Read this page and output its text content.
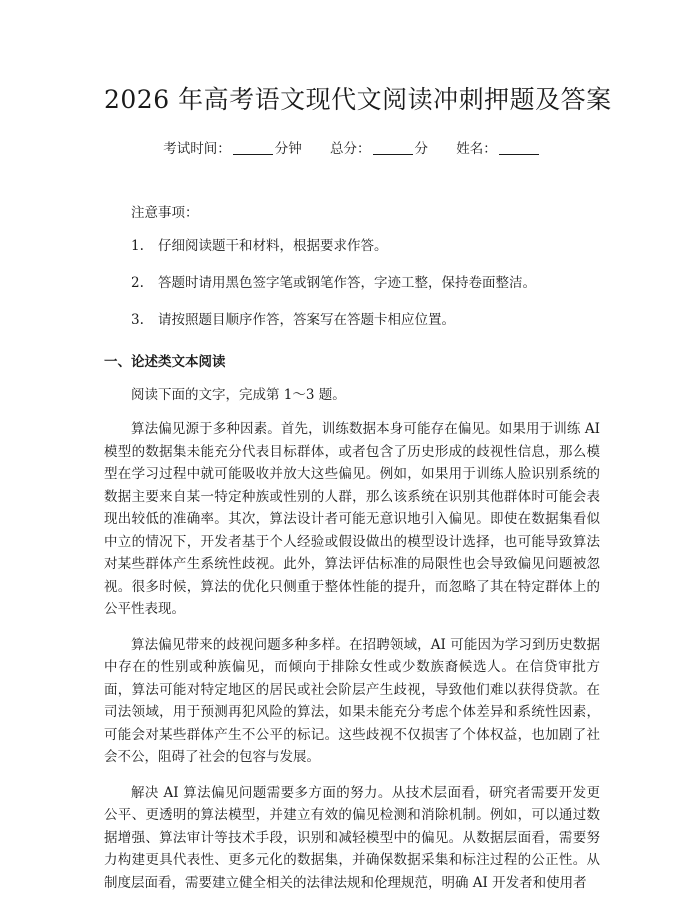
2026 年高考语文现代文阅读冲刺押题及答案
考试时间：	分钟 总分：	分 姓名：

注意事项：

1. 仔细阅读题干和材料，根据要求作答。
2. 答题时请用黑色签字笔或钢笔作答，字迹工整，保持卷面整洁。
3. 请按照题目顺序作答，答案写在答题卡相应位置。
一、论述类文本阅读

阅读下面的文字，完成第 1～3 题。

算法偏见源于多种因素。首先，训练数据本身可能存在偏见。如果用于训练 AI 模型的数据集未能充分代表目标群体，或者包含了历史形成的歧视性信息，那么模型在学习过程中就可能吸收并放大这些偏见。例如，如果用于训练人脸识别系统的数据主要来自某一特定种族或性别的人群，那么该系统在识别其他群体时可能会表现出较低的准确率。其次，算法设计者可能无意识地引入偏见。即使在数据集看似中立的情况下，开发者基于个人经验或假设做出的模型设计选择，也可能导致算法对某些群体产生系统性歧视。此外，算法评估标准的局限性也会导致偏见问题被忽视。很多时候，算法的优化只侧重于整体性能的提升，而忽略了其在特定群体上的公平性表现。

算法偏见带来的歧视问题多种多样。在招聘领域，AI 可能因为学习到历史数据中存在的性别或种族偏见，而倾向于排除女性或少数族裔候选人。在信贷审批方面，算法可能对特定地区的居民或社会阶层产生歧视，导致他们难以获得贷款。在司法领域，用于预测再犯风险的算法，如果未能充分考虑个体差异和系统性因素，可能会对某些群体产生不公平的标记。这些歧视不仅损害了个体权益，也加剧了社会不公，阻碍了社会的包容与发展。

解决 AI 算法偏见问题需要多方面的努力。从技术层面看，研究者需要开发更公平、更透明的算法模型，并建立有效的偏见检测和消除机制。例如，可以通过数据增强、算法审计等技术手段，识别和减轻模型中的偏见。从数据层面看，需要努力构建更具代表性、更多元化的数据集，并确保数据采集和标注过程的公正性。从制度层面看，需要建立健全相关的法律法规和伦理规范，明确 AI 开发者和使用者
